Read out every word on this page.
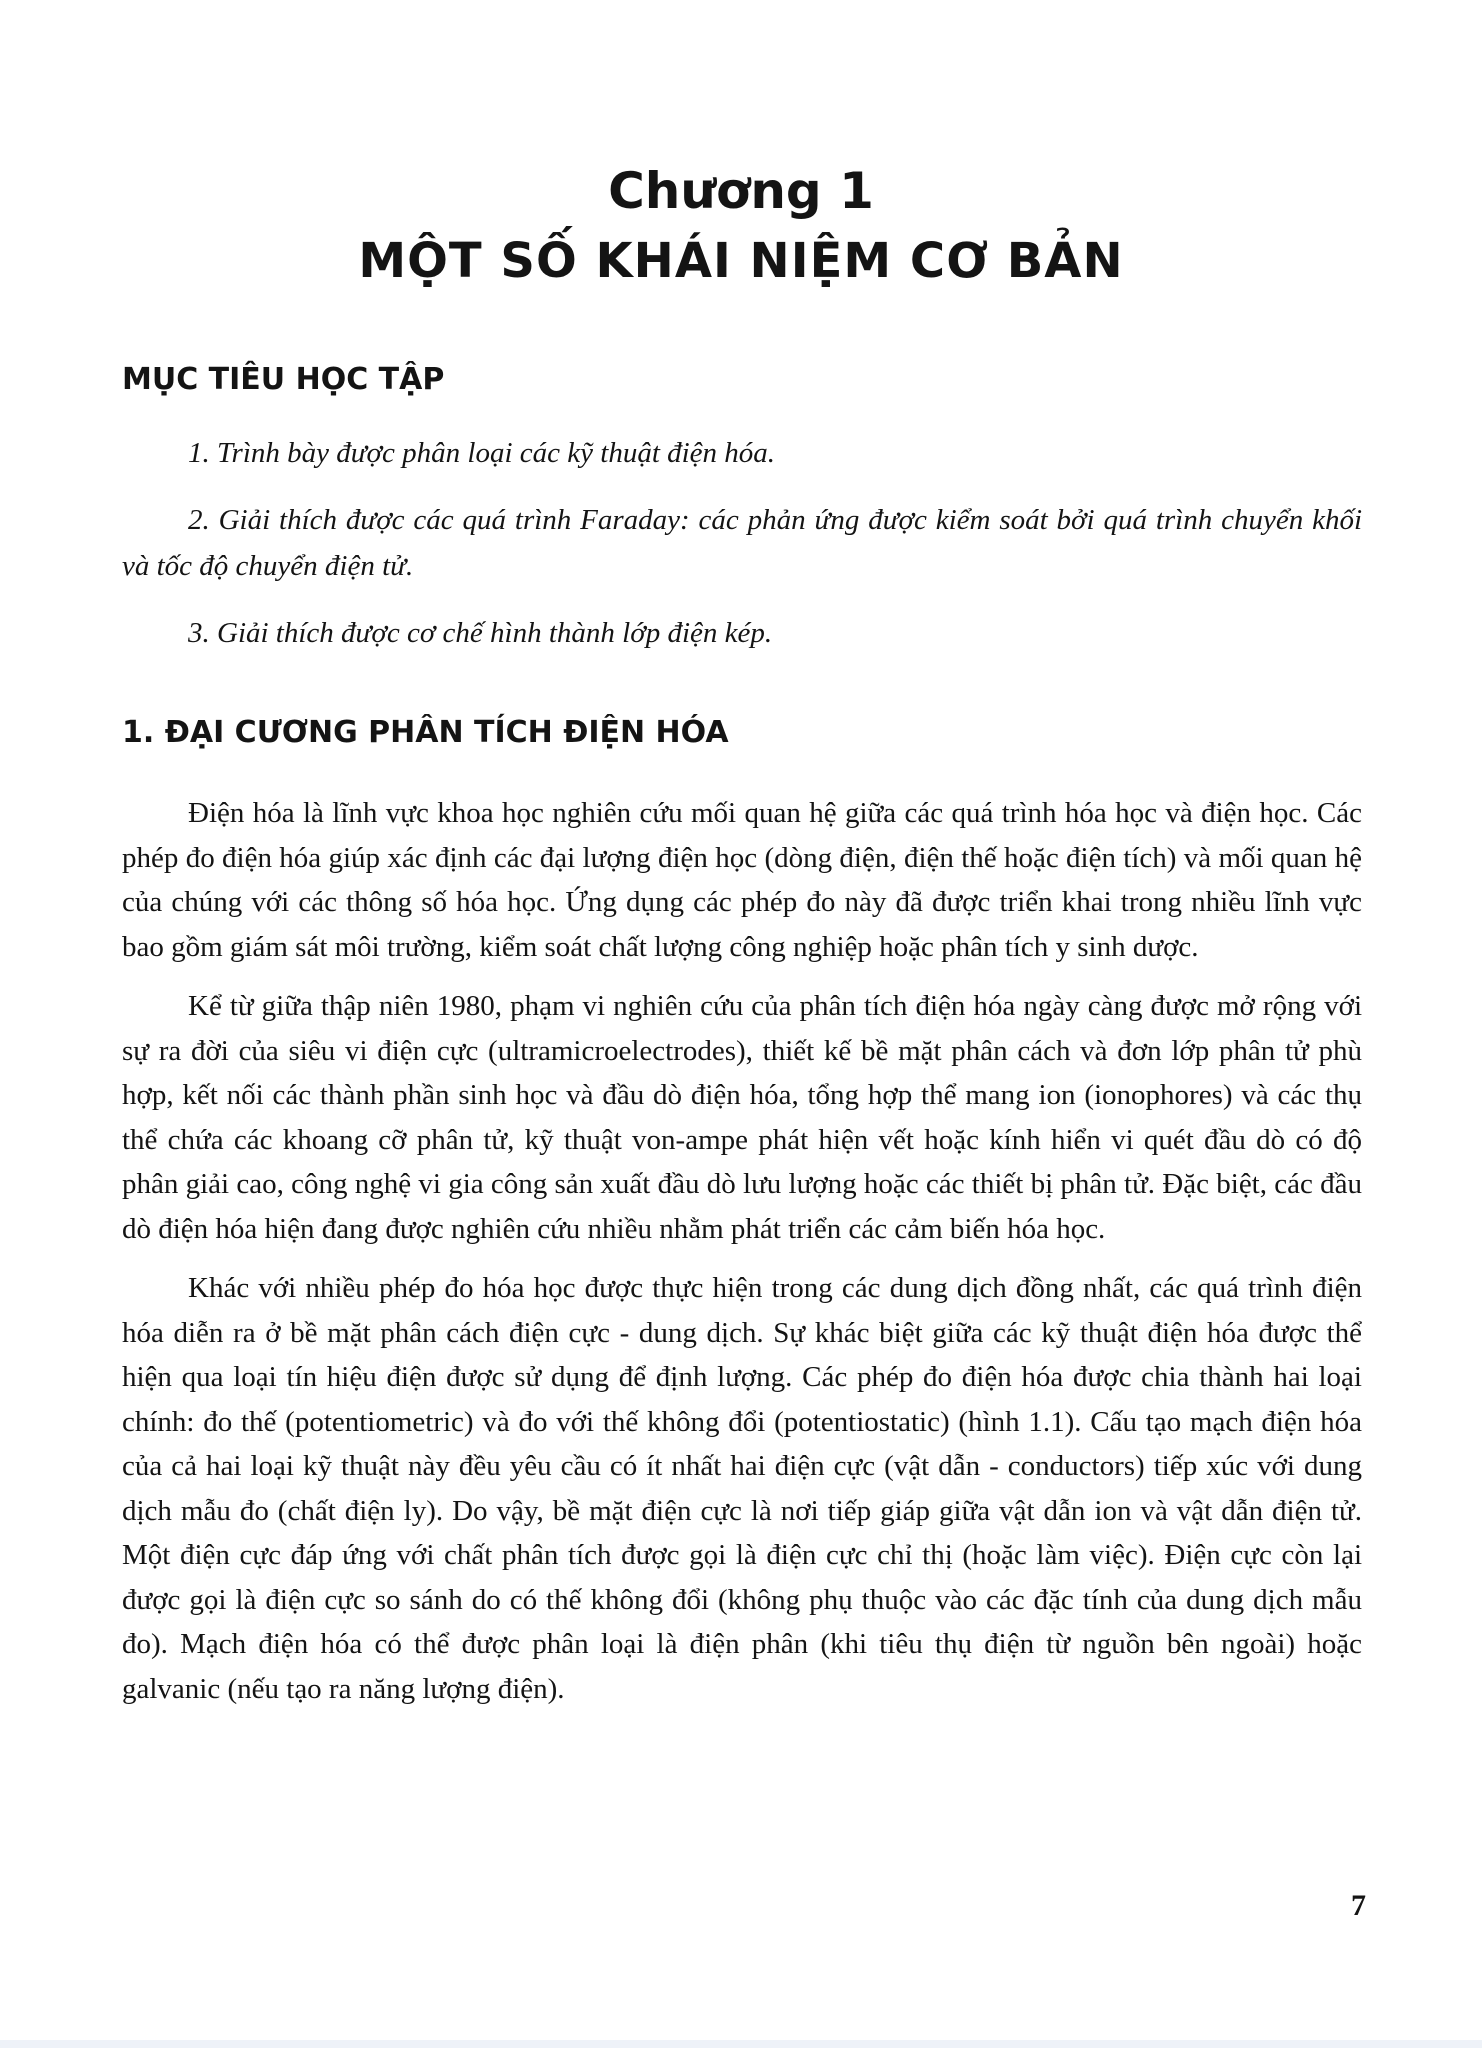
Chương 1
MỘT SỐ KHÁI NIỆM CƠ BẢN
MỤC TIÊU HỌC TẬP
1. Trình bày được phân loại các kỹ thuật điện hóa.
2. Giải thích được các quá trình Faraday: các phản ứng được kiểm soát bởi quá trình chuyển khối và tốc độ chuyển điện tử.
3. Giải thích được cơ chế hình thành lớp điện kép.
1. ĐẠI CƯƠNG PHÂN TÍCH ĐIỆN HÓA

Điện hóa là lĩnh vực khoa học nghiên cứu mối quan hệ giữa các quá trình hóa học và điện học. Các phép đo điện hóa giúp xác định các đại lượng điện học (dòng điện, điện thế hoặc điện tích) và mối quan hệ của chúng với các thông số hóa học. Ứng dụng các phép đo này đã được triển khai trong nhiều lĩnh vực bao gồm giám sát môi trường, kiểm soát chất lượng công nghiệp hoặc phân tích y sinh dược.

Kể từ giữa thập niên 1980, phạm vi nghiên cứu của phân tích điện hóa ngày càng được mở rộng với sự ra đời của siêu vi điện cực (ultramicroelectrodes), thiết kế bề mặt phân cách và đơn lớp phân tử phù hợp, kết nối các thành phần sinh học và đầu dò điện hóa, tổng hợp thể mang ion (ionophores) và các thụ thể chứa các khoang cỡ phân tử, kỹ thuật von-ampe phát hiện vết hoặc kính hiển vi quét đầu dò có độ phân giải cao, công nghệ vi gia công sản xuất đầu dò lưu lượng hoặc các thiết bị phân tử. Đặc biệt, các đầu dò điện hóa hiện đang được nghiên cứu nhiều nhằm phát triển các cảm biến hóa học.

Khác với nhiều phép đo hóa học được thực hiện trong các dung dịch đồng nhất, các quá trình điện hóa diễn ra ở bề mặt phân cách điện cực - dung dịch. Sự khác biệt giữa các kỹ thuật điện hóa được thể hiện qua loại tín hiệu điện được sử dụng để định lượng. Các phép đo điện hóa được chia thành hai loại chính: đo thế (potentiometric) và đo với thế không đổi (potentiostatic) (hình 1.1). Cấu tạo mạch điện hóa của cả hai loại kỹ thuật này đều yêu cầu có ít nhất hai điện cực (vật dẫn - conductors) tiếp xúc với dung dịch mẫu đo (chất điện ly). Do vậy, bề mặt điện cực là nơi tiếp giáp giữa vật dẫn ion và vật dẫn điện tử. Một điện cực đáp ứng với chất phân tích được gọi là điện cực chỉ thị (hoặc làm việc). Điện cực còn lại được gọi là điện cực so sánh do có thế không đổi (không phụ thuộc vào các đặc tính của dung dịch mẫu đo). Mạch điện hóa có thể được phân loại là điện phân (khi tiêu thụ điện từ nguồn bên ngoài) hoặc galvanic (nếu tạo ra năng lượng điện).

7
